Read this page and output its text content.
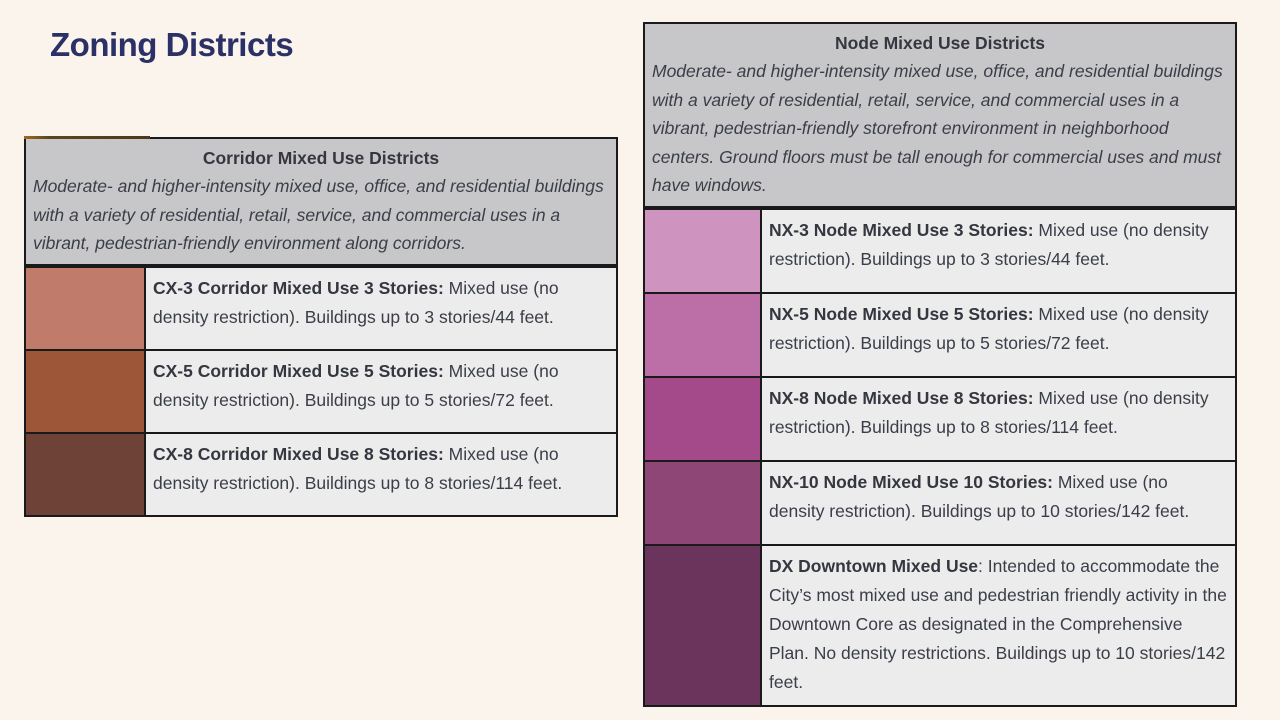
Zoning Districts
Corridor Mixed Use Districts
Moderate- and higher-intensity mixed use, office, and residential buildings with a variety of residential, retail, service, and commercial uses in a vibrant, pedestrian-friendly environment along corridors.
CX-3 Corridor Mixed Use 3 Stories: Mixed use (no density restriction). Buildings up to 3 stories/44 feet.
CX-5 Corridor Mixed Use 5 Stories: Mixed use (no density restriction). Buildings up to 5 stories/72 feet.
CX-8 Corridor Mixed Use 8 Stories: Mixed use (no density restriction). Buildings up to 8 stories/114 feet.
Node Mixed Use Districts
Moderate- and higher-intensity mixed use, office, and residential buildings with a variety of residential, retail, service, and commercial uses in a vibrant, pedestrian-friendly storefront environment in neighborhood centers. Ground floors must be tall enough for commercial uses and must have windows.
NX-3 Node Mixed Use 3 Stories: Mixed use (no density restriction). Buildings up to 3 stories/44 feet.
NX-5 Node Mixed Use 5 Stories: Mixed use (no density restriction). Buildings up to 5 stories/72 feet.
NX-8 Node Mixed Use 8 Stories: Mixed use (no density restriction). Buildings up to 8 stories/114 feet.
NX-10 Node Mixed Use 10 Stories: Mixed use (no density restriction). Buildings up to 10 stories/142 feet.
DX Downtown Mixed Use: Intended to accommodate the City’s most mixed use and pedestrian friendly activity in the Downtown Core as designated in the Comprehensive Plan. No density restrictions. Buildings up to 10 stories/142 feet.
